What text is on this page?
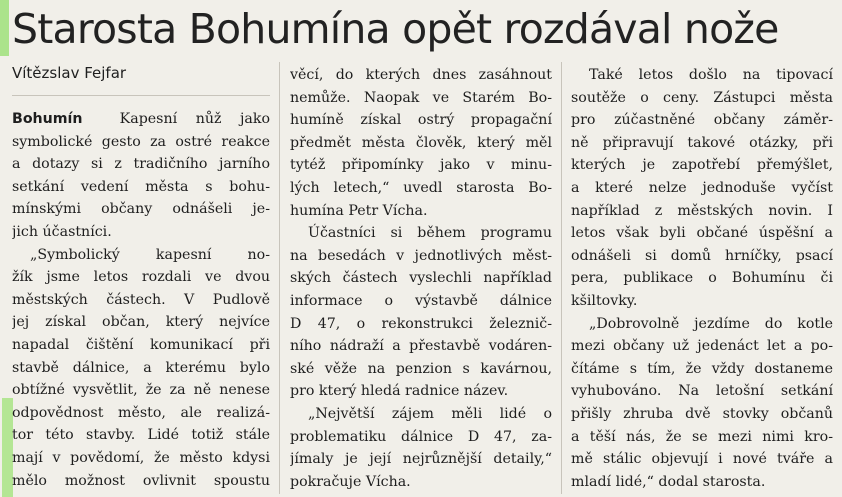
Starosta Bohumína opět rozdával nože
Vítězslav Fejfar
Bohumín	Kapesní nůž jako
symbolické gesto za ostré reakce
a dotazy si z tradičního jarního
setkání vedení města s bohu-
mínskými občany odnášeli je-
jich účastníci.
„Symbolický kapesní no-
žík jsme letos rozdali ve dvou
městských částech. V Pudlově
jej získal občan, který nejvíce
napadal čištění komunikací při
stavbě dálnice, a kterému bylo
obtížné vysvětlit, že za ně nenese
odpovědnost město, ale realizá-
tor této stavby. Lidé totiž stále
mají v povědomí, že město kdysi
mělo možnost ovlivnit spoustu
věcí, do kterých dnes zasáhnout
nemůže. Naopak ve Starém Bo-
humíně získal ostrý propagační
předmět města člověk, který měl
tytéž připomínky jako v minu-
lých letech,“ uvedl starosta Bo-
humína Petr Vícha.
Účastníci si během programu
na besedách v jednotlivých měst-
ských částech vyslechli například
informace o výstavbě dálnice
D 47, o rekonstrukci železnič-
ního nádraží a přestavbě vodáren-
ské věže na penzion s kavárnou,
pro který hledá radnice název.
„Největší zájem měli lidé o
problematiku dálnice D 47, za-
jímaly je její nejrůznější detaily,“
pokračuje Vícha.
Také letos došlo na tipovací
soutěže o ceny. Zástupci města
pro zúčastněné občany záměr-
ně připravují takové otázky, při
kterých je zapotřebí přemýšlet,
a které nelze jednoduše vyčíst
například z městských novin. I
letos však byli občané úspěšní a
odnášeli si domů hrníčky, psací
pera, publikace o Bohumínu či
kšiltovky.
„Dobrovolně jezdíme do kotle
mezi občany už jedenáct let a po-
čítáme s tím, že vždy dostaneme
vyhubováno. Na letošní setkání
přišly zhruba dvě stovky občanů
a těší nás, že se mezi nimi kro-
mě stálic objevují i nové tváře a
mladí lidé,“ dodal starosta.
